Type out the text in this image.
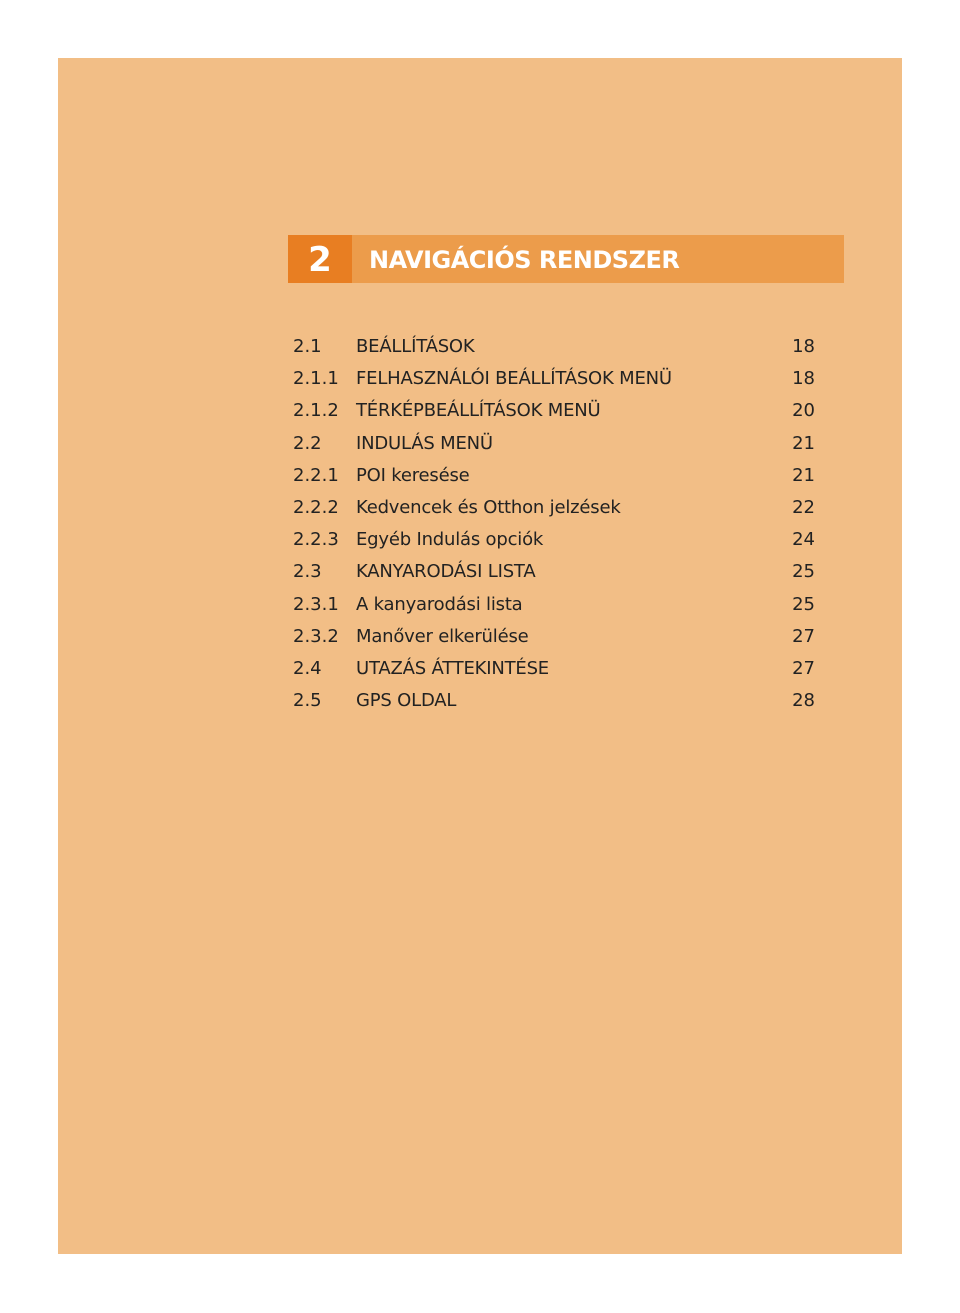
2	NAVIGÁCIÓS RENDSZER
2.1 BEÁLLÍTÁSOK	18
2.1.1 FELHASZNÁLÓI BEÁLLÍTÁSOK MENÜ	18
2.1.2 TÉRKÉPBEÁLLÍTÁSOK MENÜ	20
2.2 INDULÁS MENÜ	21
2.2.1 POI keresése	21
2.2.2 Kedvencek és Otthon jelzések	22
2.2.3 Egyéb Indulás opciók	24
2.3 KANYARODÁSI LISTA	25
2.3.1 A kanyarodási lista	25
2.3.2 Manőver elkerülése	27
2.4 UTAZÁS ÁTTEKINTÉSE	27
2.5 GPS OLDAL	28
